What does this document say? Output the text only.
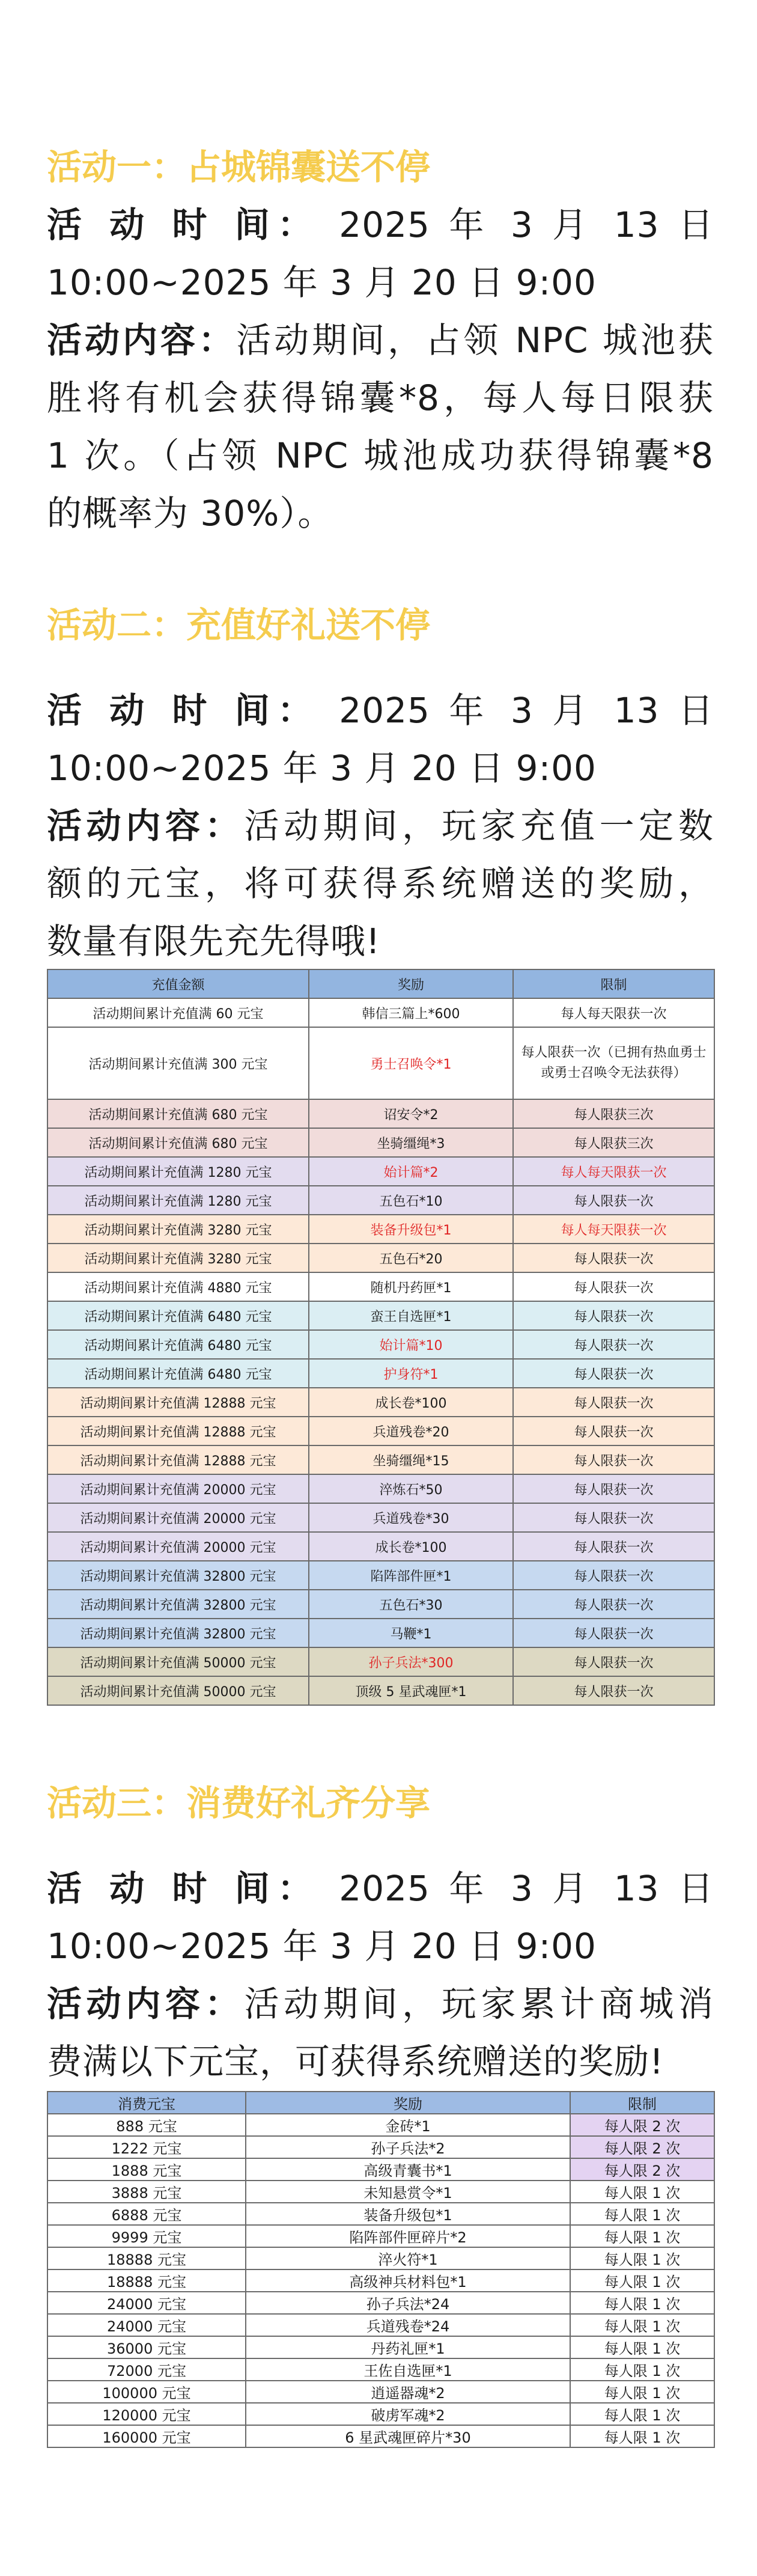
活动一：占城锦囊送不停

活 动 时 间： 2025 年 3 月 13 日

10:00~2025 年 3 月 20 日 9:00

活动内容：活动期间，占领 NPC 城池获

胜将有机会获得锦囊*8，每人每日限获

1 次。（占领 NPC 城池成功获得锦囊*8

的概率为 30%）。

活动二：充值好礼送不停

活 动 时 间： 2025 年 3 月 13 日

10:00~2025 年 3 月 20 日 9:00

活动内容：活动期间，玩家充值一定数

额的元宝，将可获得系统赠送的奖励，

数量有限先充先得哦!

充值金额	奖励	限制
活动期间累计充值满 60 元宝	韩信三篇上*600	每人每天限获一次
活动期间累计充值满 300 元宝	勇士召唤令*1	每人限获一次（已拥有热血勇士或勇士召唤令无法获得）
活动期间累计充值满 680 元宝	诏安令*2	每人限获三次
活动期间累计充值满 680 元宝	坐骑缰绳*3	每人限获三次
活动期间累计充值满 1280 元宝	始计篇*2	每人每天限获一次
活动期间累计充值满 1280 元宝	五色石*10	每人限获一次
活动期间累计充值满 3280 元宝	装备升级包*1	每人每天限获一次
活动期间累计充值满 3280 元宝	五色石*20	每人限获一次
活动期间累计充值满 4880 元宝	随机丹药匣*1	每人限获一次
活动期间累计充值满 6480 元宝	蛮王自选匣*1	每人限获一次
活动期间累计充值满 6480 元宝	始计篇*10	每人限获一次
活动期间累计充值满 6480 元宝	护身符*1	每人限获一次
活动期间累计充值满 12888 元宝	成长卷*100	每人限获一次
活动期间累计充值满 12888 元宝	兵道残卷*20	每人限获一次
活动期间累计充值满 12888 元宝	坐骑缰绳*15	每人限获一次
活动期间累计充值满 20000 元宝	淬炼石*50	每人限获一次
活动期间累计充值满 20000 元宝	兵道残卷*30	每人限获一次
活动期间累计充值满 20000 元宝	成长卷*100	每人限获一次
活动期间累计充值满 32800 元宝	陷阵部件匣*1	每人限获一次
活动期间累计充值满 32800 元宝	五色石*30	每人限获一次
活动期间累计充值满 32800 元宝	马鞭*1	每人限获一次
活动期间累计充值满 50000 元宝	孙子兵法*300	每人限获一次
活动期间累计充值满 50000 元宝	顶级 5 星武魂匣*1	每人限获一次
活动三：消费好礼齐分享

活 动 时 间： 2025 年 3 月 13 日

10:00~2025 年 3 月 20 日 9:00

活动内容：活动期间，玩家累计商城消

费满以下元宝，可获得系统赠送的奖励!

消费元宝	奖励	限制
888 元宝	金砖*1	每人限 2 次
1222 元宝	孙子兵法*2	每人限 2 次
1888 元宝	高级青囊书*1	每人限 2 次
3888 元宝	未知悬赏令*1	每人限 1 次
6888 元宝	装备升级包*1	每人限 1 次
9999 元宝	陷阵部件匣碎片*2	每人限 1 次
18888 元宝	淬火符*1	每人限 1 次
18888 元宝	高级神兵材料包*1	每人限 1 次
24000 元宝	孙子兵法*24	每人限 1 次
24000 元宝	兵道残卷*24	每人限 1 次
36000 元宝	丹药礼匣*1	每人限 1 次
72000 元宝	王佐自选匣*1	每人限 1 次
100000 元宝	逍遥器魂*2	每人限 1 次
120000 元宝	破虏军魂*2	每人限 1 次
160000 元宝	6 星武魂匣碎片*30	每人限 1 次
